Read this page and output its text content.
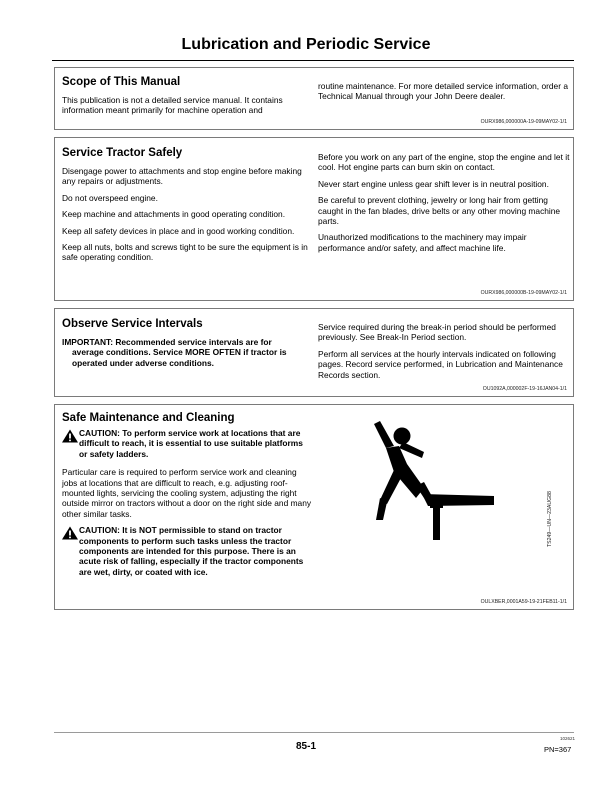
Lubrication and Periodic Service
Scope of This Manual
This publication is not a detailed service manual. It contains information meant primarily for machine operation and
routine maintenance. For more detailed service information, order a Technical Manual through your John Deere dealer.
OURX986,000000A-19-09MAY02-1/1
Service Tractor Safely
Disengage power to attachments and stop engine before making any repairs or adjustments.
Do not overspeed engine.
Keep machine and attachments in good operating condition.
Keep all safety devices in place and in good working condition.
Keep all nuts, bolts and screws tight to be sure the equipment is in safe operating condition.
Before you work on any part of the engine, stop the engine and let it cool. Hot engine parts can burn skin on contact.
Never start engine unless gear shift lever is in neutral position.
Be careful to prevent clothing, jewelry or long hair from getting caught in the fan blades, drive belts or any other moving machine parts.
Unauthorized modifications to the machinery may impair performance and/or safety, and affect machine life.
OURX986,000000B-19-09MAY02-1/1
Observe Service Intervals
IMPORTANT: Recommended service intervals are for
average conditions. Service MORE OFTEN if tractor is operated under adverse conditions.
Service required during the break-in period should be performed previously. See Break-In Period section.
Perform all services at the hourly intervals indicated on following pages. Record service performed, in Lubrication and Maintenance Records section.
OU1092A,000002F-19-16JAN04-1/1
Safe Maintenance and Cleaning
CAUTION: To perform service work at locations that are difficult to reach, it is essential to use suitable platforms or safety ladders.
Particular care is required to perform service work and cleaning jobs at locations that are difficult to reach, e.g. adjusting roof-mounted lights, servicing the cooling system, adjusting the right outside mirror on tractors without a door on the right side and many other similar tasks.
CAUTION: It is NOT permissible to stand on tractor components to perform such tasks unless the tractor components are intended for this purpose. There is an acute risk of falling, especially if the tractor components are wet, dirty, or coated with ice.
OULXBER,0001A59-19-21FEB11-1/1
TS249—UN—23AUG88
102621
85-1	PN=367
